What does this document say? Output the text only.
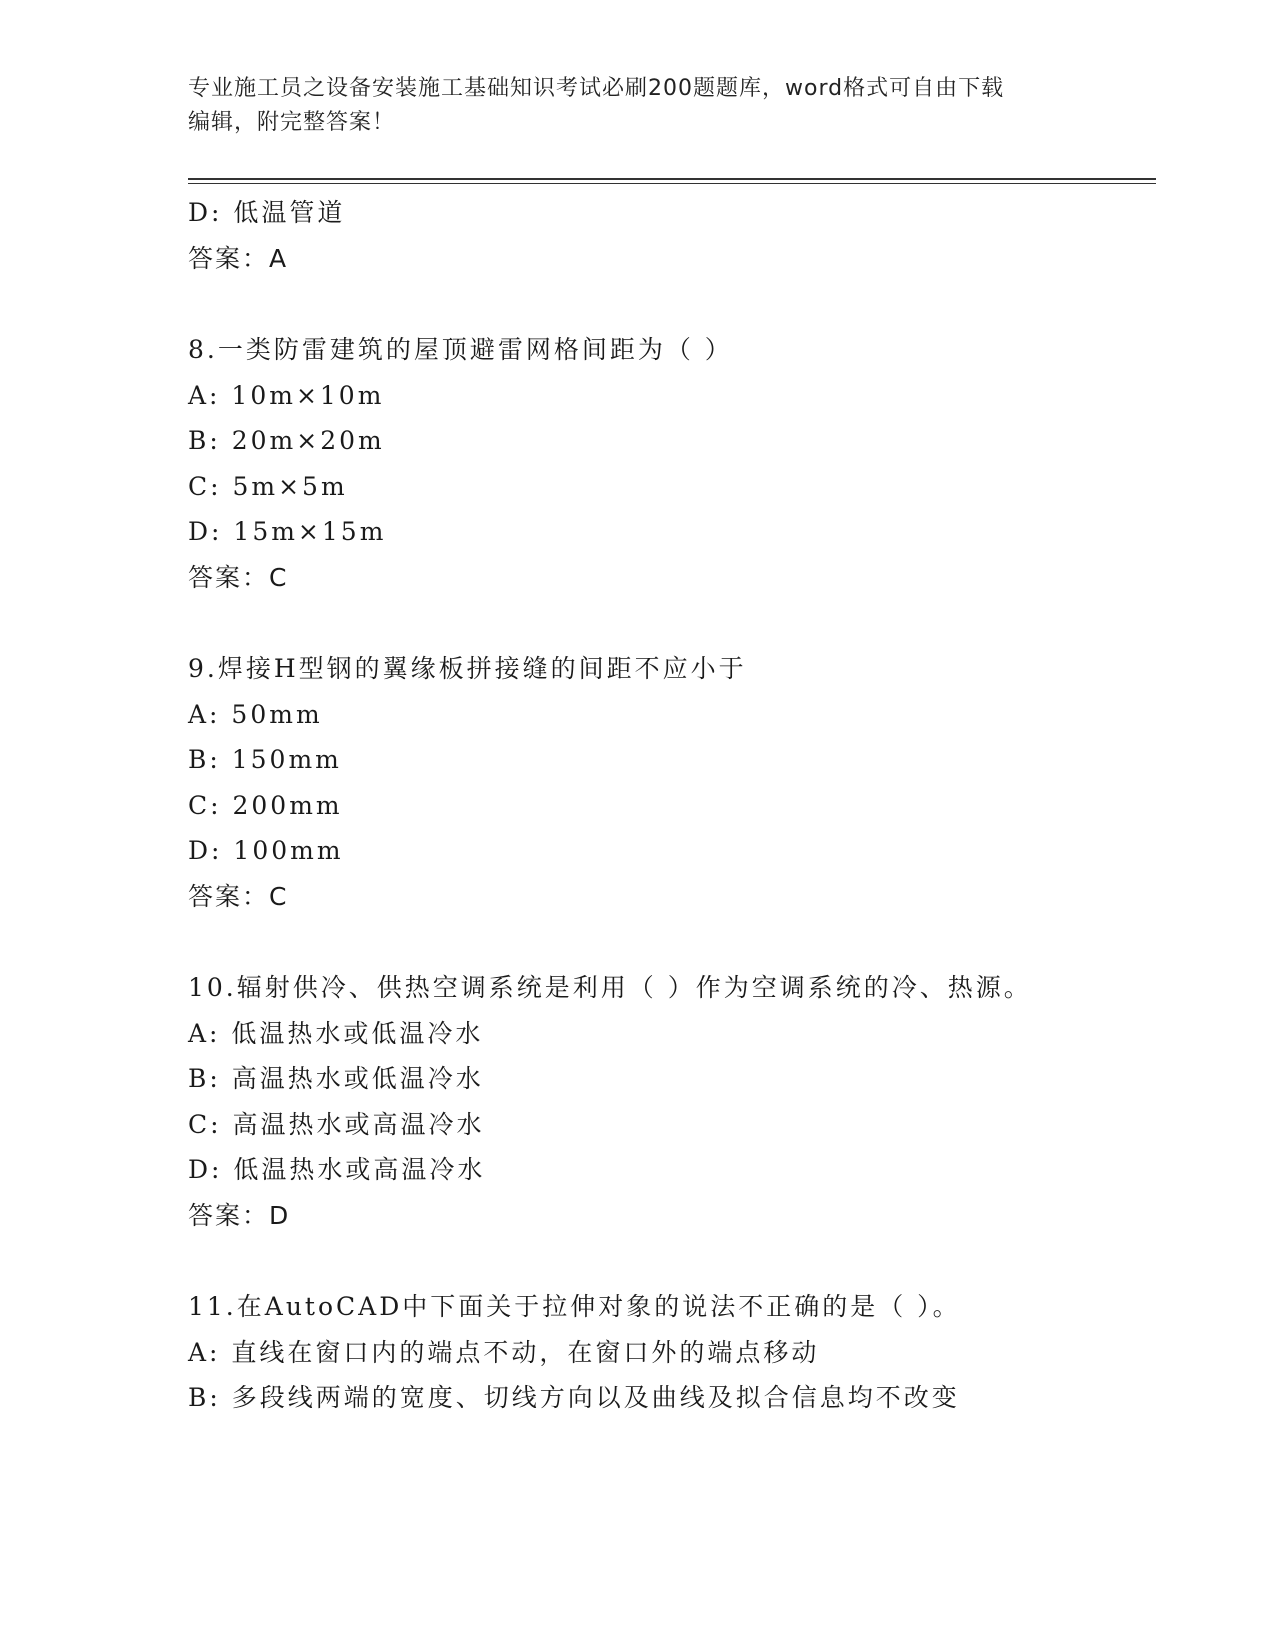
专业施工员之设备安装施工基础知识考试必刷200题题库，word格式可自由下载
编辑，附完整答案！
D: 低温管道
答案：A
8.一类防雷建筑的屋顶避雷网格间距为（ ）
A: 10m×10m
B: 20m×20m
C: 5m×5m
D: 15m×15m
答案：C
9.焊接H型钢的翼缘板拼接缝的间距不应小于
A: 50mm
B: 150mm
C: 200mm
D: 100mm
答案：C
10.辐射供冷、供热空调系统是利用（ ）作为空调系统的冷、热源。
A: 低温热水或低温冷水
B: 高温热水或低温冷水
C: 高温热水或高温冷水
D: 低温热水或高温冷水
答案：D
11.在AutoCAD中下面关于拉伸对象的说法不正确的是（ ）。
A: 直线在窗口内的端点不动，在窗口外的端点移动
B: 多段线两端的宽度、切线方向以及曲线及拟合信息均不改变
